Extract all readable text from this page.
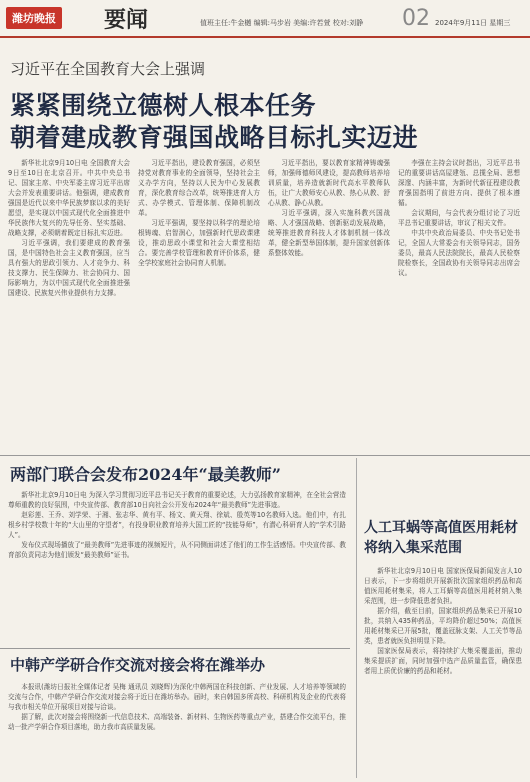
潍坊晚报 要闻	值班主任:牛金樾 编辑:马步岩 美编:许若萱 校对:刘静 02 2024年9月11日 星期三
习近平在全国教育大会上强调
紧紧围绕立德树人根本任务
朝着建成教育强国战略目标扎实迈进

新华社北京9月10日电 全国教育大会9日至10日在北京召开。中共中央总书记、国家主席、中央军委主席习近平出席大会并发表重要讲话。他强调，建成教育强国是近代以来中华民族梦寐以求的美好愿望，是实现以中国式现代化全面推进中华民族伟大复兴的先导任务、坚实基础、战略支撑，必须朝着既定目标扎实迈进。

习近平强调，我们要建成的教育强国，是中国特色社会主义教育强国，应当具有强大的思政引领力、人才竞争力、科技支撑力、民生保障力、社会协同力、国际影响力，为以中国式现代化全面推进强国建设、民族复兴伟业提供有力支撑。

习近平指出，建设教育强国，必须坚持党对教育事业的全面领导，坚持社会主义办学方向，坚持以人民为中心发展教育，深化教育综合改革，统筹推进育人方式、办学模式、管理体制、保障机制改革。

习近平强调，要坚持以科学的理论培根铸魂、启智润心，加强新时代思政课建设，推动思政小课堂和社会大课堂相结合。要完善学校管理和教育评价体系，健全学校家庭社会协同育人机制。

习近平指出，要以教育家精神铸魂强师，加强师德师风建设，提高教师培养培训质量，培养造就新时代高水平教师队伍，让广大教师安心从教、热心从教、舒心从教、静心从教。

习近平强调，深入实施科教兴国战略、人才强国战略、创新驱动发展战略，统筹推进教育科技人才体制机制一体改革，健全新型举国体制，提升国家创新体系整体效能。

李强在主持会议时指出，习近平总书记的重要讲话高屋建瓴、总揽全局、思想深邃、内涵丰富，为新时代新征程建设教育强国指明了前进方向、提供了根本遵循。

会议期间，与会代表分组讨论了习近平总书记重要讲话，审议了相关文件。

中共中央政治局委员、中央书记处书记，全国人大常委会有关领导同志，国务委员，最高人民法院院长，最高人民检察院检察长，全国政协有关领导同志出席会议。

两部门联合会发布2024年“最美教师”

新华社北京9月10日电 为深入学习贯彻习近平总书记关于教育的重要论述，大力弘扬教育家精神，在全社会营造尊师重教的良好氛围，中央宣传部、教育部10日向社会公开发布2024年“最美教师”先进事迹。

赵彩莲、王乔、刘学荣、于湘、张志华、黄有平、杨文、黄天翔、徐斌、殷英等10名教师入选。他们中，有扎根乡村学校数十年的“大山里的守望者”，有投身职业教育培养大国工匠的“技能导师”，有潜心科研育人的“学术引路人”。

发布仪式现场播放了“最美教师”先进事迹的视频短片，从不同侧面讲述了他们的工作生活感悟。中央宣传部、教育部负责同志为他们颁发“最美教师”证书。

人工耳蜗等高值医用耗材将纳入集采范围

新华社北京9月10日电 国家医保局新闻发言人10日表示，下一步将组织开展新批次国家组织药品和高值医用耗材集采，将人工耳蜗等高值医用耗材纳入集采范围，进一步降低患者负担。

据介绍，截至目前，国家组织药品集采已开展10批，共纳入435种药品，平均降价超过50%；高值医用耗材集采已开展5批，覆盖冠脉支架、人工关节等品类，患者就医负担明显下降。

国家医保局表示，将持续扩大集采覆盖面，推动集采提质扩面，同时加强中选产品质量监管，确保患者用上质优价廉的药品和耗材。

中韩产学研合作交流对接会将在潍举办

本报讯(潍坊日报社全媒体记者 吴梅 通讯员 刘晓辉)为深化中韩两国在科技创新、产业发展、人才培养等领域的交流与合作，中韩产学研合作交流对接会将于近日在潍坊举办。届时，来自韩国多所高校、科研机构及企业的代表将与我市相关单位开展项目对接与洽谈。

据了解，此次对接会将围绕新一代信息技术、高端装备、新材料、生物医药等重点产业，搭建合作交流平台，推动一批产学研合作项目落地，助力我市高质量发展。
